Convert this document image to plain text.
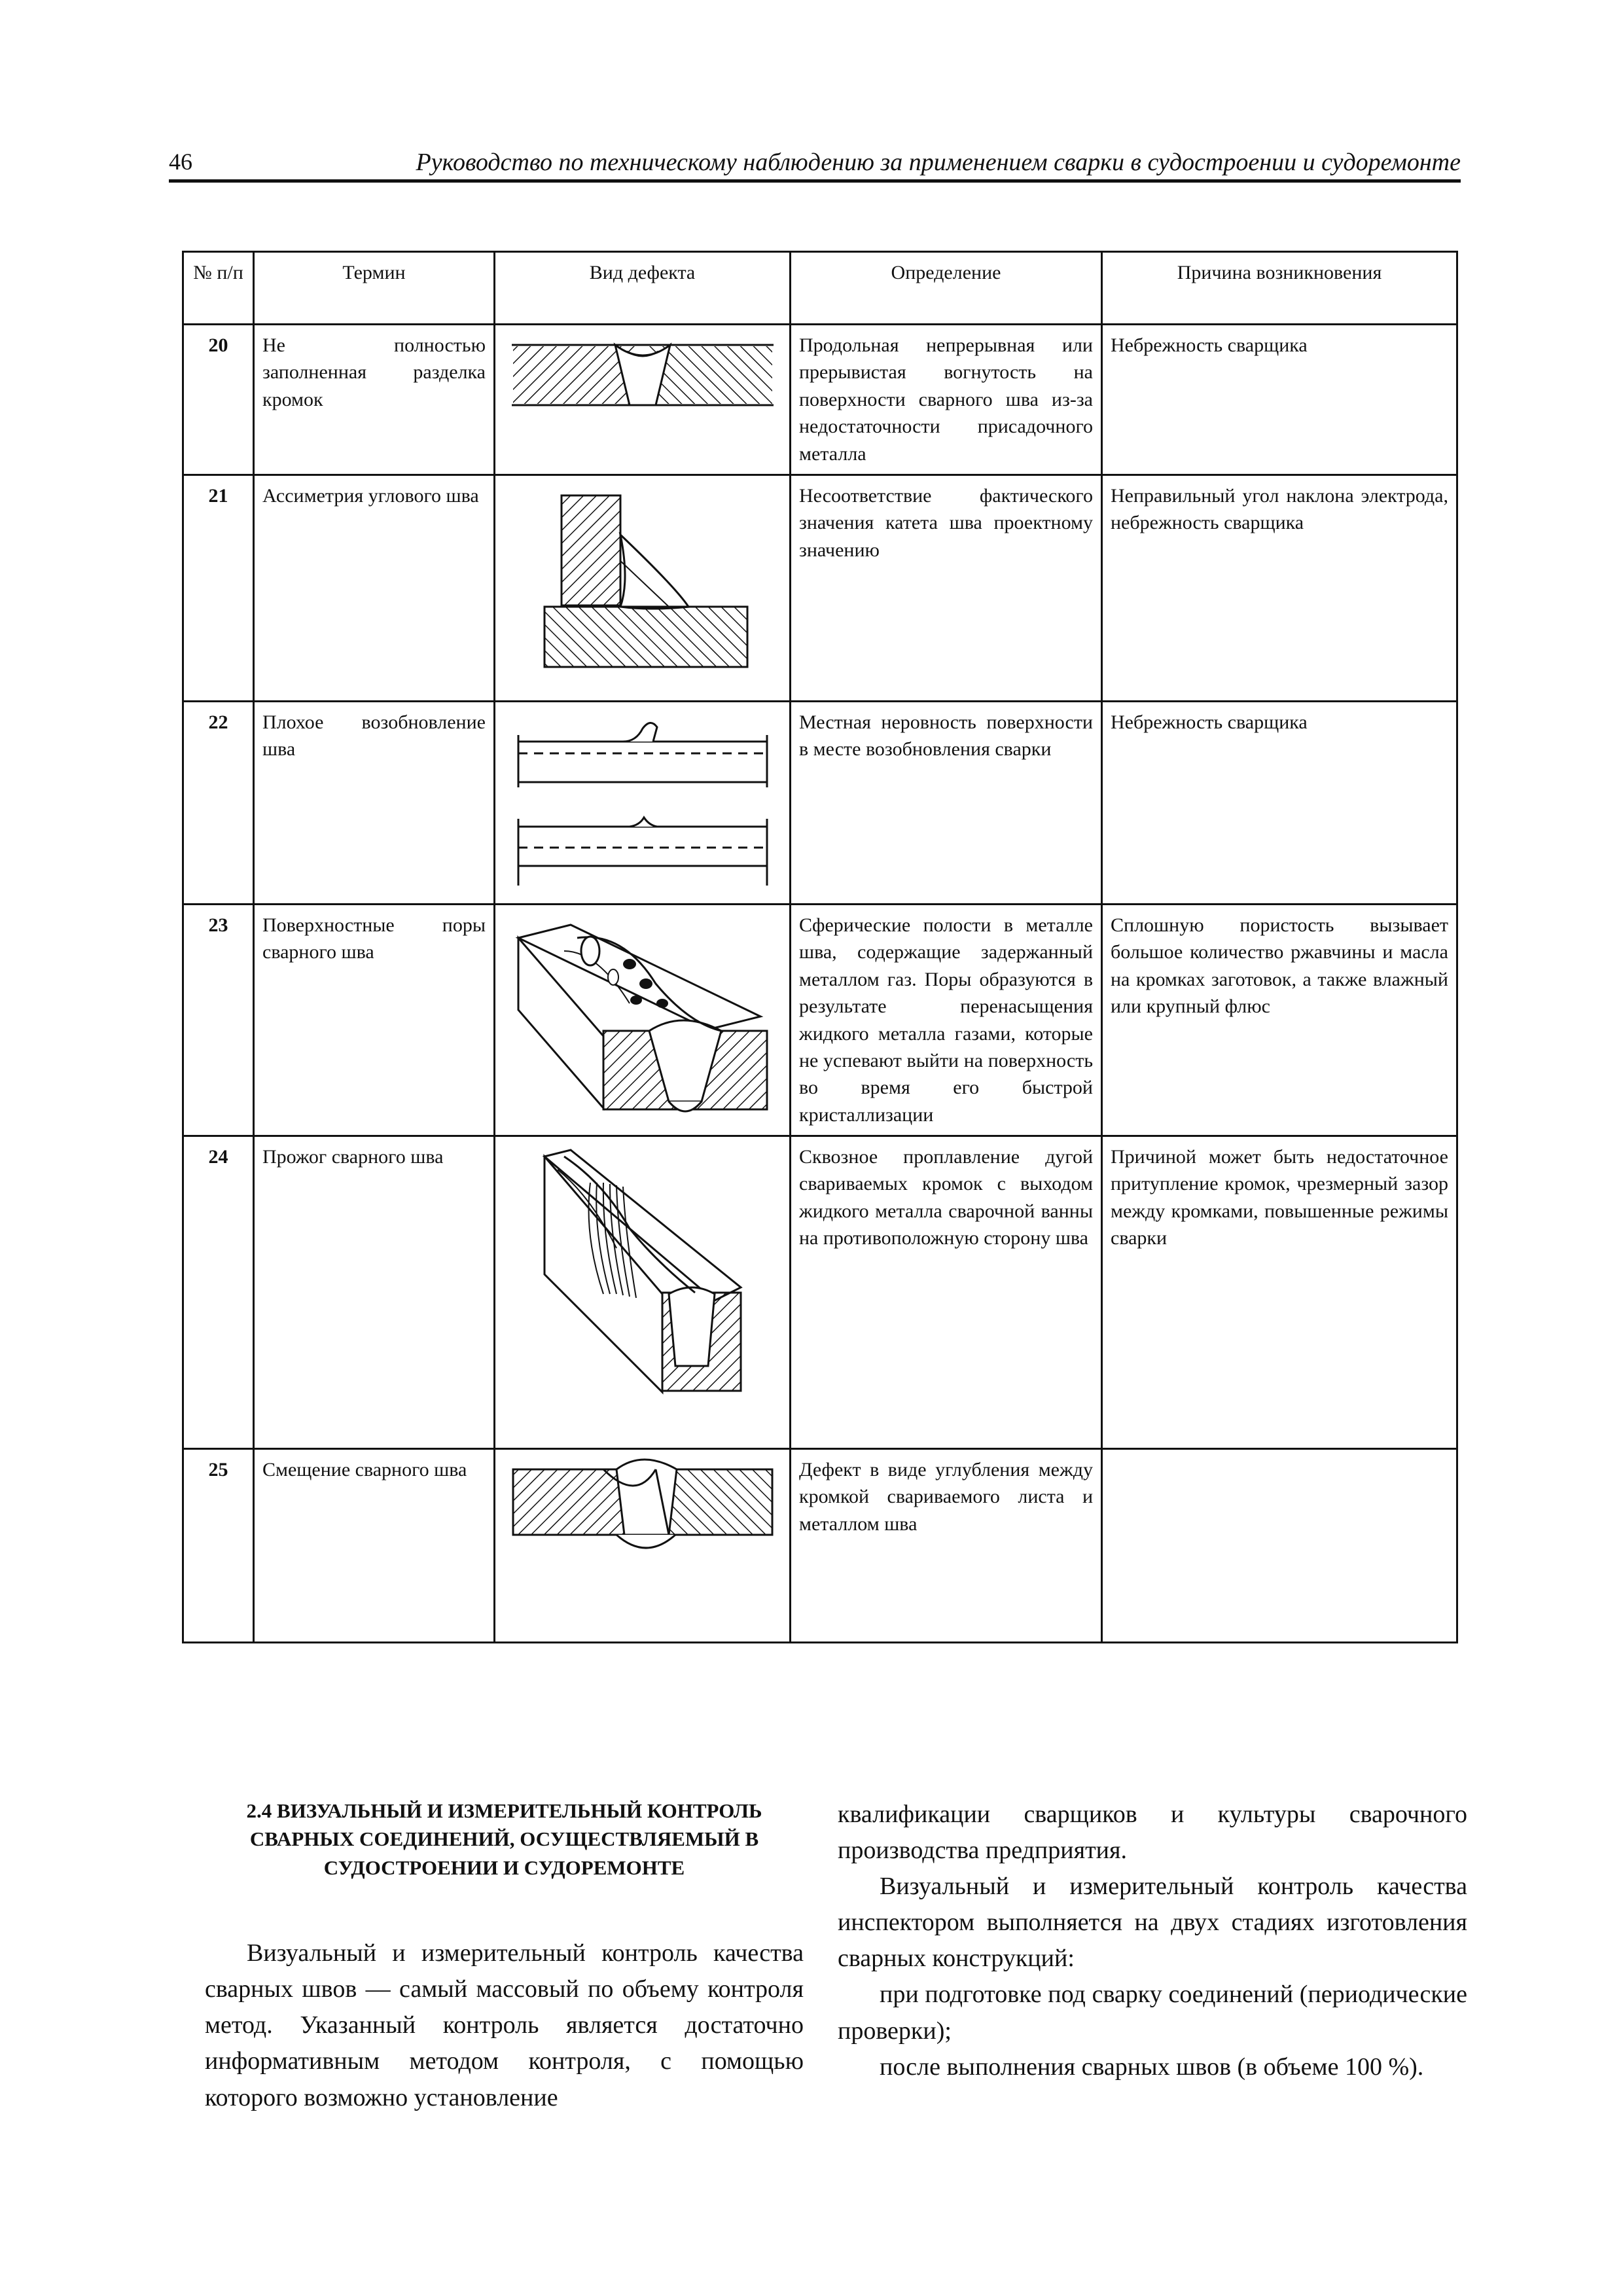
46	Руководство по техническому наблюдению за применением сварки в судостроении и судоремонте
№ п/п	Термин	Вид дефекта	Определение	Причина возникновения
20	Не полностью заполненная разделка кромок		Продольная непрерывная или прерывистая вогнутость на поверхности сварного шва из-за недостаточности присадочного металла	Небрежность сварщика
21	Ассиметрия углового шва		Несоответствие фактического значения катета шва проектному значению	Неправильный угол наклона электрода, небрежность сварщика
22	Плохое возобновление шва		Местная неровность поверхности в месте возобновления сварки	Небрежность сварщика
23	Поверхностные поры сварного шва		Сферические полости в металле шва, содержащие задержанный металлом газ. Поры образуются в результате перенасыщения жидкого металла газами, которые не успевают выйти на поверхность во время его быстрой кристаллизации	Сплошную пористость вызывает большое количество ржавчины и масла на кромках заготовок, а также влажный или крупный флюс
24	Прожог сварного шва		Сквозное проплавление дугой свариваемых кромок с выходом жидкого металла сварочной ванны на противоположную сторону шва	Причиной может быть недостаточное притупление кромок, чрезмерный зазор между кромками, повышенные режимы сварки
25	Смещение сварного шва		Дефект в виде углубления между кромкой свариваемого листа и металлом шва	
2.4 ВИЗУАЛЬНЫЙ И ИЗМЕРИТЕЛЬНЫЙ КОНТРОЛЬ СВАРНЫХ СОЕДИНЕНИЙ, ОСУЩЕСТВЛЯЕМЫЙ В СУДОСТРОЕНИИ И СУДОРЕМОНТЕ

Визуальный и измерительный контроль качества сварных швов — самый массовый по объему контроля метод. Указанный контроль является достаточно информативным методом контроля, с помощью которого возможно установление

квалификации сварщиков и культуры сварочного производства предприятия.

Визуальный и измерительный контроль качества инспектором выполняется на двух стадиях изготовления сварных конструкций:

при подготовке под сварку соединений (периодические проверки);

после выполнения сварных швов (в объеме 100 %).
